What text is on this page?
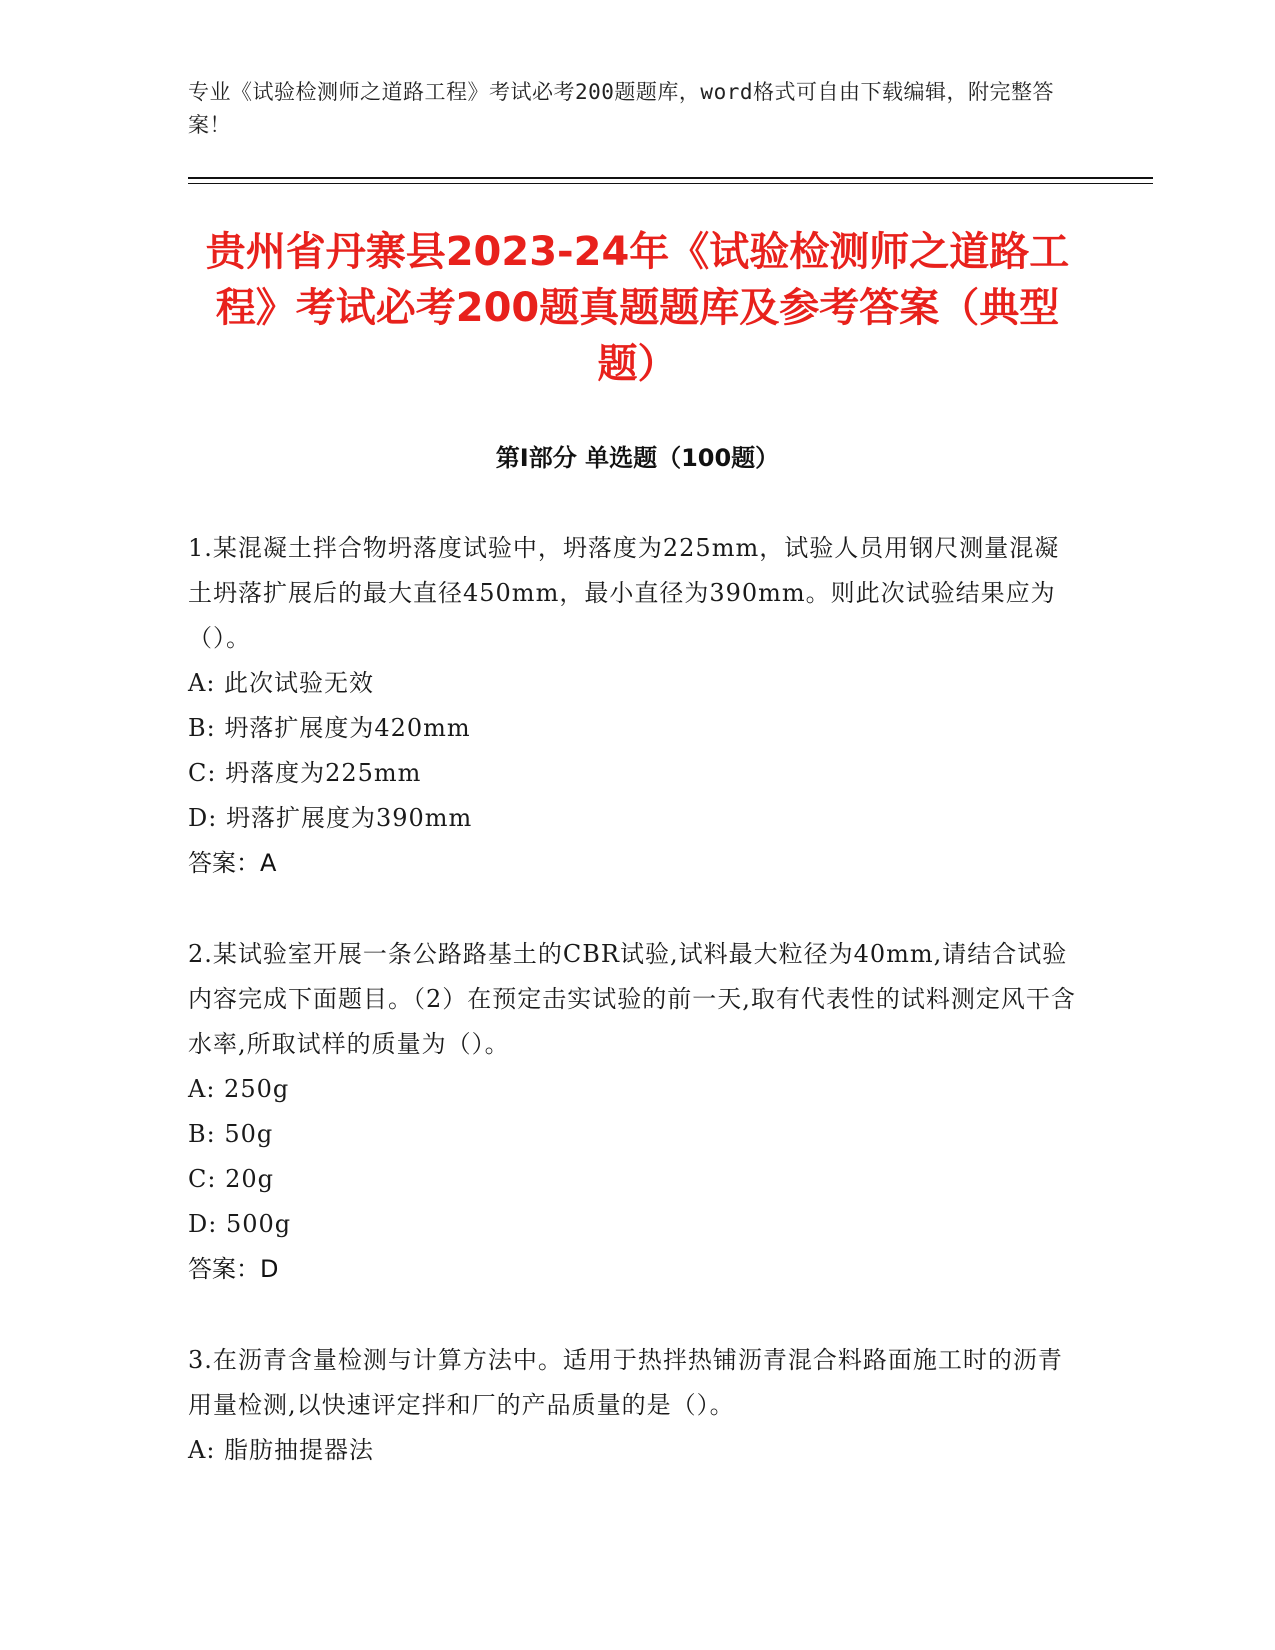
专业《试验检测师之道路工程》考试必考200题题库，word格式可自由下载编辑，附完整答案！
贵州省丹寨县2023-24年《试验检测师之道路工程》考试必考200题真题题库及参考答案（典型题）
第Ⅰ部分 单选题（100题）
1.某混凝土拌合物坍落度试验中，坍落度为225mm，试验人员用钢尺测量混凝土坍落扩展后的最大直径450mm，最小直径为390mm。则此次试验结果应为（）。
A: 此次试验无效
B: 坍落扩展度为420mm
C: 坍落度为225mm
D: 坍落扩展度为390mm
答案：A
2.某试验室开展一条公路路基土的CBR试验,试料最大粒径为40mm,请结合试验内容完成下面题目。（2）在预定击实试验的前一天,取有代表性的试料测定风干含水率,所取试样的质量为（）。
A: 250g
B: 50g
C: 20g
D: 500g
答案：D
3.在沥青含量检测与计算方法中。适用于热拌热铺沥青混合料路面施工时的沥青用量检测,以快速评定拌和厂的产品质量的是（）。
A: 脂肪抽提器法
